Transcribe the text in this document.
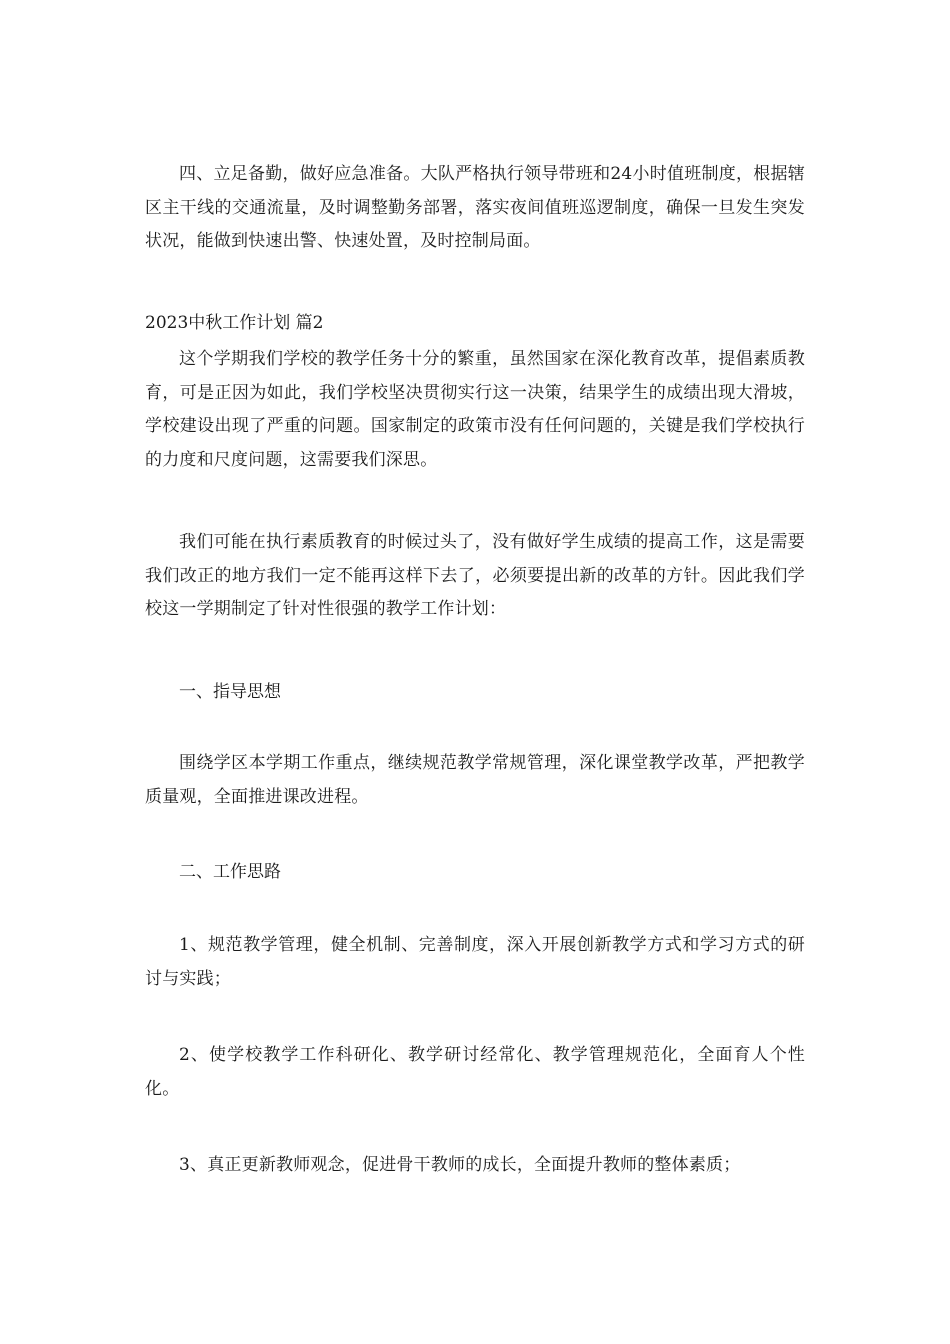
四、立足备勤，做好应急准备。大队严格执行领导带班和24小时值班制度，根据辖区主干线的交通流量，及时调整勤务部署，落实夜间值班巡逻制度，确保一旦发生突发状况，能做到快速出警、快速处置，及时控制局面。

2023中秋工作计划 篇2

这个学期我们学校的教学任务十分的繁重，虽然国家在深化教育改革，提倡素质教育，可是正因为如此，我们学校坚决贯彻实行这一决策，结果学生的成绩出现大滑坡，学校建设出现了严重的问题。国家制定的政策市没有任何问题的，关键是我们学校执行的力度和尺度问题，这需要我们深思。

我们可能在执行素质教育的时候过头了，没有做好学生成绩的提高工作，这是需要我们改正的地方我们一定不能再这样下去了，必须要提出新的改革的方针。因此我们学校这一学期制定了针对性很强的教学工作计划：

一、指导思想

围绕学区本学期工作重点，继续规范教学常规管理，深化课堂教学改革，严把教学质量观，全面推进课改进程。

二、工作思路

1、规范教学管理，健全机制、完善制度，深入开展创新教学方式和学习方式的研讨与实践；

2、使学校教学工作科研化、教学研讨经常化、教学管理规范化，全面育人个性化。

3、真正更新教师观念，促进骨干教师的成长，全面提升教师的整体素质；
